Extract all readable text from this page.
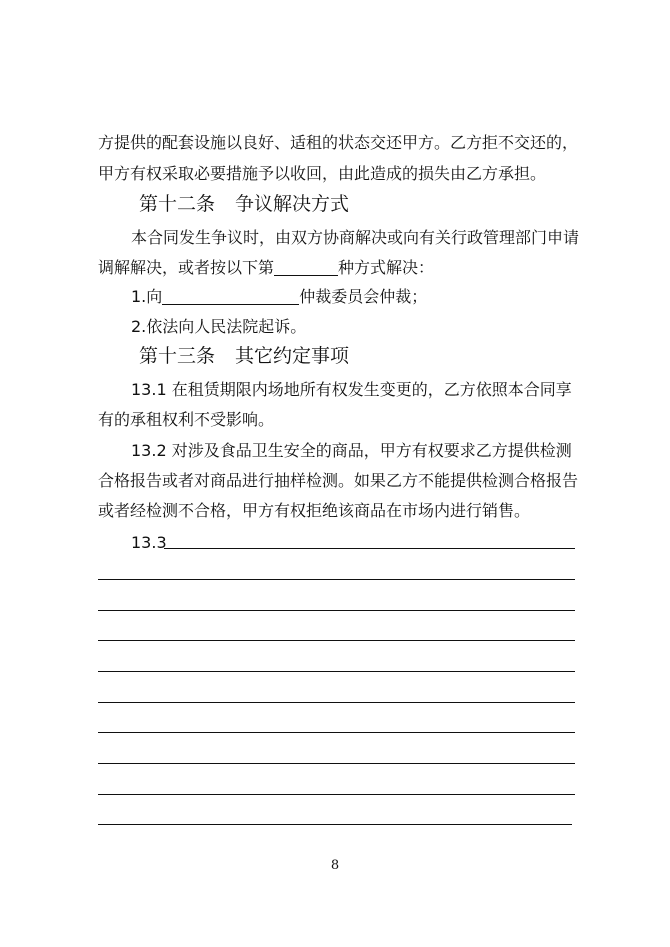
方提供的配套设施以良好、适租的状态交还甲方。乙方拒不交还的，
甲方有权采取必要措施予以收回，由此造成的损失由乙方承担。
第十二条 争议解决方式
本合同发生争议时，由双方协商解决或向有关行政管理部门申请
调解解决，或者按以下第	种方式解决：
1.向	仲裁委员会仲裁；
2.依法向人民法院起诉。
第十三条 其它约定事项
13.1 在租赁期限内场地所有权发生变更的，乙方依照本合同享
有的承租权利不受影响。
13.2 对涉及食品卫生安全的商品，甲方有权要求乙方提供检测
合格报告或者对商品进行抽样检测。如果乙方不能提供检测合格报告
或者经检测不合格，甲方有权拒绝该商品在市场内进行销售。
13.3
8
